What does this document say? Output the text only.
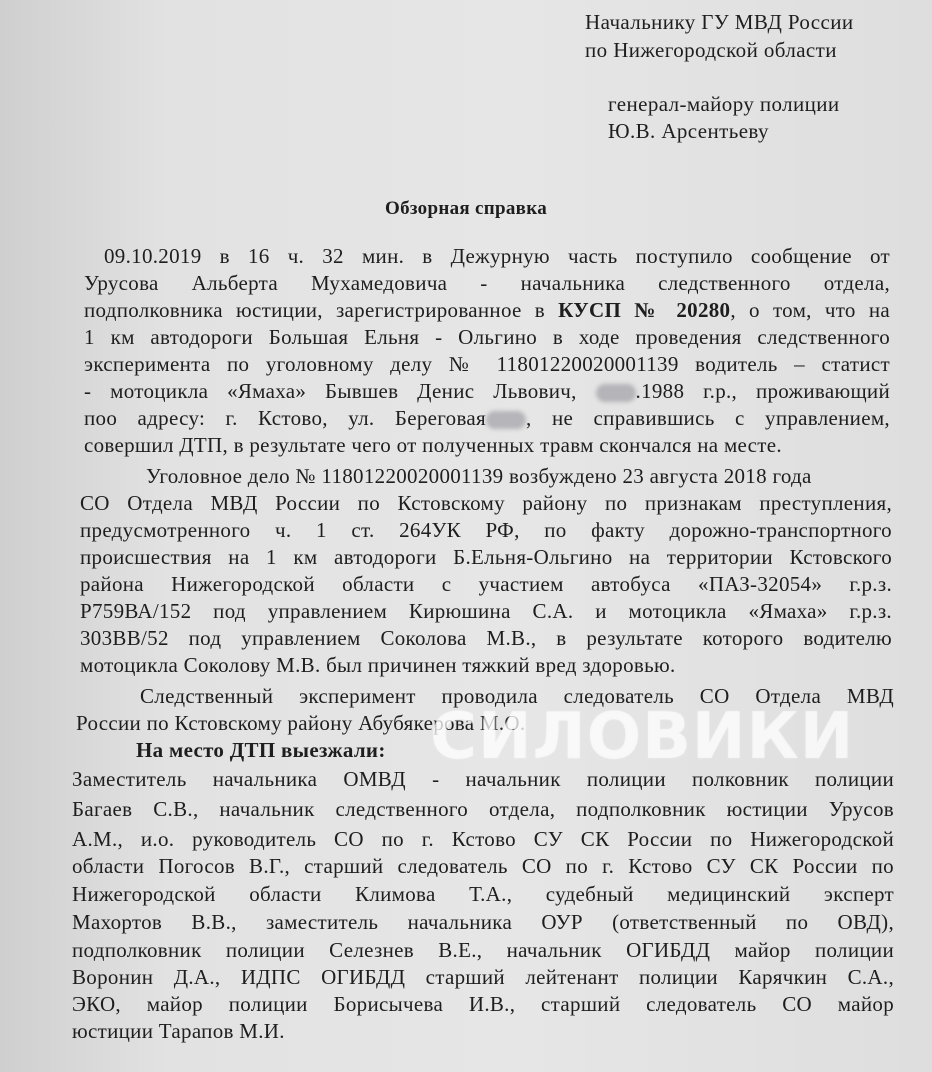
Начальнику ГУ МВД России
по Нижегородской области
генерал-майору полиции
Ю.В. Арсентьеву
Обзорная справка
09.10.2019 в 16 ч. 32 мин. в Дежурную часть поступило сообщение от
Урусова Альберта Мухамедовича - начальника следственного отдела,
подполковника юстиции, зарегистрированное в КУСП № 20280, о том, что на
1 км автодороги Большая Ельня - Ольгино в ходе проведения следственного
эксперимента по уголовному делу № 11801220020001139 водитель – статист
- мотоцикла «Ямаха» Бывшев Денис Львович, .1988 г.р., проживающий
поо адресу: г. Кстово, ул. Береговая , не справившись с управлением,
совершил ДТП, в результате чего от полученных травм скончался на месте.
Уголовное дело № 11801220020001139 возбуждено 23 августа 2018 года
СО Отдела МВД России по Кстовскому району по признакам преступления,
предусмотренного ч. 1 ст. 264УК РФ, по факту дорожно-транспортного
происшествия на 1 км автодороги Б.Ельня-Ольгино на территории Кстовского
района Нижегородской области с участием автобуса «ПАЗ-32054» г.р.з.
Р759ВА/152 под управлением Кирюшина С.А. и мотоцикла «Ямаха» г.р.з.
303ВВ/52 под управлением Соколова М.В., в результате которого водителю
мотоцикла Соколову М.В. был причинен тяжкий вред здоровью.
Следственный эксперимент проводила следователь СО Отдела МВД
России по Кстовскому району Абубякерова М.О.
На место ДТП выезжали:
Заместитель начальника ОМВД - начальник полиции полковник полиции
Багаев С.В., начальник следственного отдела, подполковник юстиции Урусов
А.М., и.о. руководитель СО по г. Кстово СУ СК России по Нижегородской
области Погосов В.Г., старший следователь СО по г. Кстово СУ СК России по
Нижегородской области Климова Т.А., судебный медицинский эксперт
Махортов В.В., заместитель начальника ОУР (ответственный по ОВД),
подполковник полиции Селезнев В.Е., начальник ОГИБДД майор полиции
Воронин Д.А., ИДПС ОГИБДД старший лейтенант полиции Карячкин С.А.,
ЭКО, майор полиции Борисычева И.В., старший следователь СО майор
юстиции Тарапов М.И.
СИЛОВИКИ
